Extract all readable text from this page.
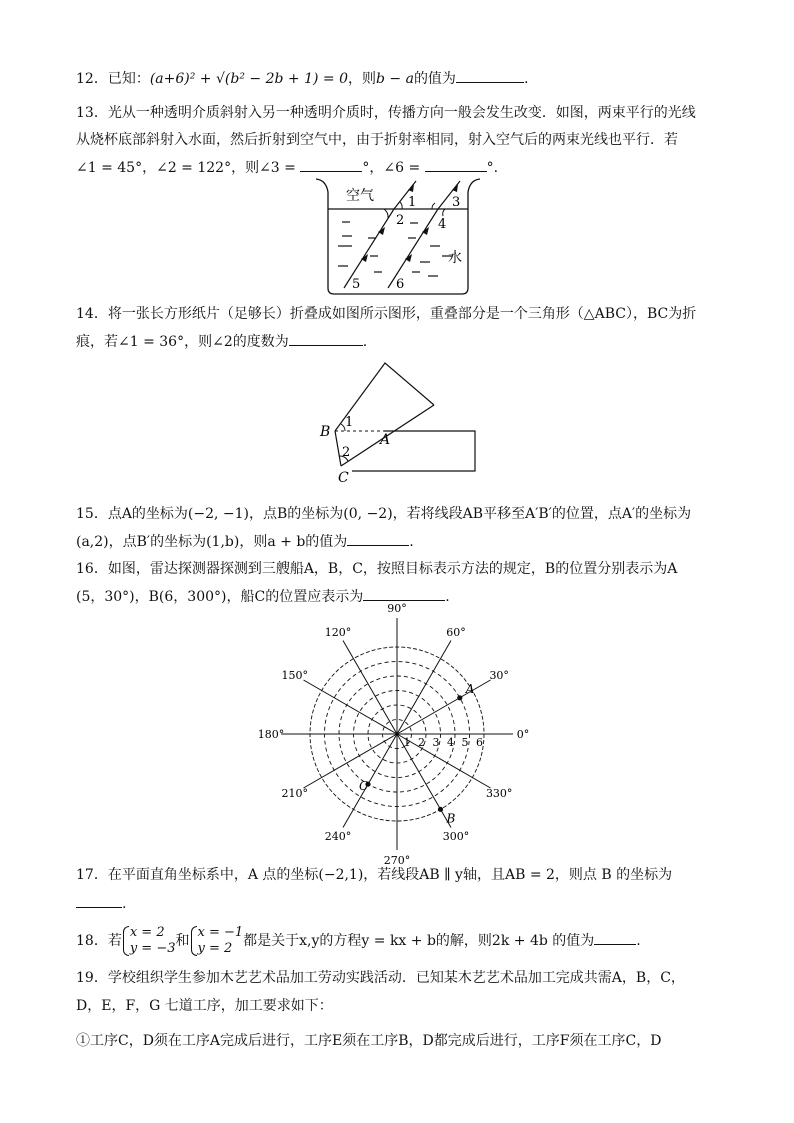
12．已知：(a+6)² + √(b² − 2b + 1) = 0，则b − a的值为	.
13．光从一种透明介质斜射入另一种透明介质时，传播方向一般会发生改变．如图，两束平行的光线
从烧杯底部斜射入水面，然后折射到空气中，由于折射率相同，射入空气后的两束光线也平行．若
∠1 = 45°，∠2 = 122°，则∠3 =	°，∠6 =	°.
空气
水
1
2
3
4
5	6
14．将一张长方形纸片（足够长）折叠成如图所示图形，重叠部分是一个三角形（△ABC），BC为折
痕，若∠1 = 36°，则∠2的度数为	.
B	A
C
1
2
15．点A的坐标为(−2, −1)，点B的坐标为(0, −2)，若将线段AB平移至A′B′的位置，点A′的坐标为
(a,2)，点B′的坐标为(1,b)，则a + b的值为	.
16．如图，雷达探测器探测到三艘船A，B，C，按照目标表示方法的规定，B的位置分别表示为A
(5，30°)，B(6，300°)，船C的位置应表示为	.
0°
30°
60°
90°
120°
150°
180°
210°
240°
270°
300°
330°
1 2 3 4 5 6
A
B
C
17．在平面直角坐标系中，A 点的坐标(−2,1)，若线段AB ∥ y轴，且AB = 2，则点 B 的坐标为
.
18．若
x = 2
y = −3 和
x = −1
y = 2 都是关于x,y的方程y = kx + b的解，则2k + 4b 的值为	.
19．学校组织学生参加木艺艺术品加工劳动实践活动．已知某木艺艺术品加工完成共需A，B，C，
D，E，F，G 七道工序，加工要求如下：
①工序C，D须在工序A完成后进行，工序E须在工序B，D都完成后进行，工序F须在工序C，D
